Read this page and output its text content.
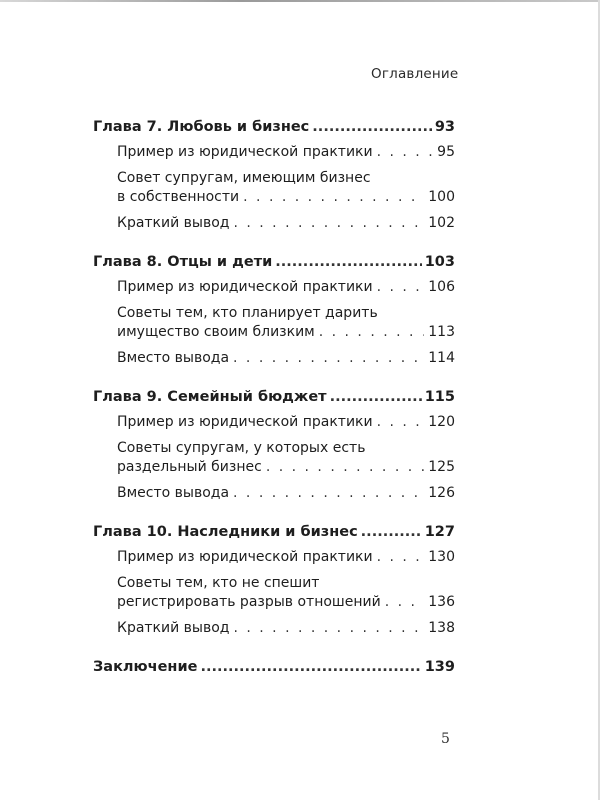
Оглавление
Глава 7. Любовь и бизнес .....	93
Пример из юридической практики . . .	95
Совет супругам, имеющим бизнес
в собственности . . .	100
Краткий вывод . . .	102
Глава 8. Отцы и дети .....	103
Пример из юридической практики . . .	106
Советы тем, кто планирует дарить
имущество своим близким . . .	113
Вместо вывода . . .	114
Глава 9. Семейный бюджет .....	115
Пример из юридической практики . . .	120
Советы супругам, у которых есть
раздельный бизнес . . .	125
Вместо вывода . . .	126
Глава 10. Наследники и бизнес .....	127
Пример из юридической практики . . .	130
Советы тем, кто не спешит
регистрировать разрыв отношений . . .	136
Краткий вывод . . .	138
Заключение .....	139
5
